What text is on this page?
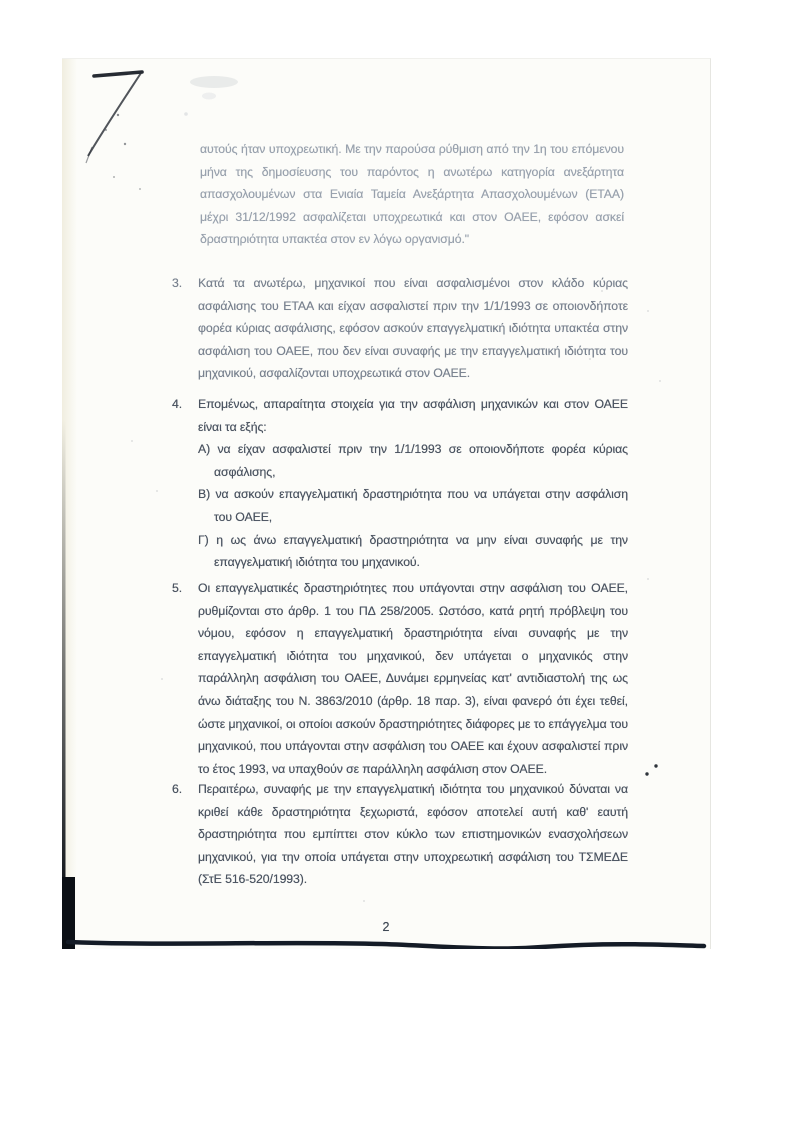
αυτούς ήταν υποχρεωτική. Με την παρούσα ρύθμιση από την 1η του επόμενου μήνα της δημοσίευσης του παρόντος η ανωτέρω κατηγορία ανεξάρτητα απασχολουμένων στα Ενιαία Ταμεία Ανεξάρτητα Απασχολουμένων (ΕΤΑΑ) μέχρι 31/12/1992 ασφαλίζεται υποχρεωτικά και στον ΟΑΕΕ, εφόσον ασκεί δραστηριότητα υπακτέα στον εν λόγω οργανισμό."
3.	Κατά τα ανωτέρω, μηχανικοί που είναι ασφαλισμένοι στον κλάδο κύριας ασφάλισης του ΕΤΑΑ και είχαν ασφαλιστεί πριν την 1/1/1993 σε οποιονδήποτε φορέα κύριας ασφάλισης, εφόσον ασκούν επαγγελματική ιδιότητα υπακτέα στην ασφάλιση του ΟΑΕΕ, που δεν είναι συναφής με την επαγγελματική ιδιότητα του μηχανικού, ασφαλίζονται υποχρεωτικά στον ΟΑΕΕ.
4.	Επομένως, απαραίτητα στοιχεία για την ασφάλιση μηχανικών και στον ΟΑΕΕ είναι τα εξής:

Α) να είχαν ασφαλιστεί πριν την 1/1/1993 σε οποιονδήποτε φορέα κύριας ασφάλισης,

Β) να ασκούν επαγγελματική δραστηριότητα που να υπάγεται στην ασφάλιση του ΟΑΕΕ,

Γ) η ως άνω επαγγελματική δραστηριότητα να μην είναι συναφής με την επαγγελματική ιδιότητα του μηχανικού.

5.	Οι επαγγελματικές δραστηριότητες που υπάγονται στην ασφάλιση του ΟΑΕΕ, ρυθμίζονται στο άρθρ. 1 του ΠΔ 258/2005. Ωστόσο, κατά ρητή πρόβλεψη του νόμου, εφόσον η επαγγελματική δραστηριότητα είναι συναφής με την επαγγελματική ιδιότητα του μηχανικού, δεν υπάγεται ο μηχανικός στην παράλληλη ασφάλιση του ΟΑΕΕ, Δυνάμει ερμηνείας κατ' αντιδιαστολή της ως άνω διάταξης του Ν. 3863/2010 (άρθρ. 18 παρ. 3), είναι φανερό ότι έχει τεθεί, ώστε μηχανικοί, οι οποίοι ασκούν δραστηριότητες διάφορες με το επάγγελμα του μηχανικού, που υπάγονται στην ασφάλιση του ΟΑΕΕ και έχουν ασφαλιστεί πριν το έτος 1993, να υπαχθούν σε παράλληλη ασφάλιση στον ΟΑΕΕ.
6.	Περαιτέρω, συναφής με την επαγγελματική ιδιότητα του μηχανικού δύναται να κριθεί κάθε δραστηριότητα ξεχωριστά, εφόσον αποτελεί αυτή καθ' εαυτή δραστηριότητα που εμπίπτει στον κύκλο των επιστημονικών ενασχολήσεων μηχανικού, για την οποία υπάγεται στην υποχρεωτική ασφάλιση του ΤΣΜΕΔΕ (ΣτΕ 516-520/1993).
2
